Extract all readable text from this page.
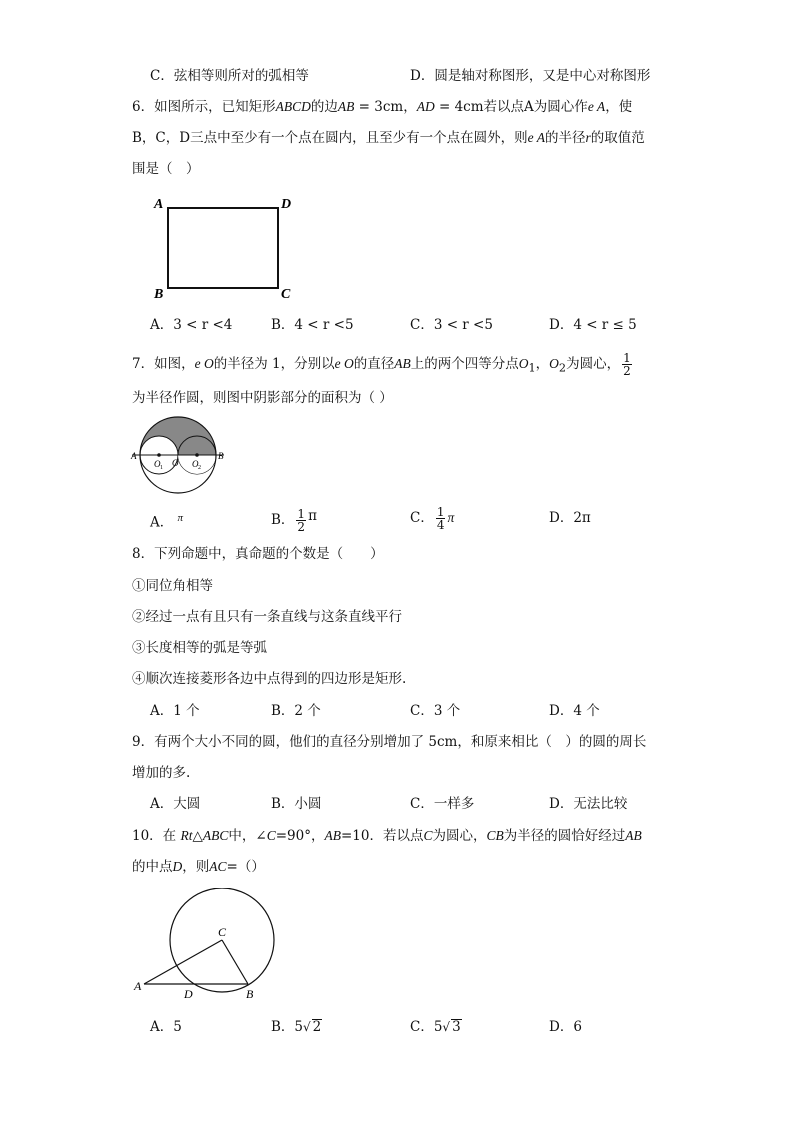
C．弦相等则所对的弧相等	D．圆是轴对称图形，又是中心对称图形
6．如图所示，已知矩形ABCD的边AB = 3cm，AD = 4cm若以点A为圆心作e A，使
B，C，D三点中至少有一个点在圆内，且至少有一个点在圆外，则e A的半径r的取值范
围是（　）
A	D
B	C
A．3 < r <4	B．4 < r <5	C．3 < r <5	D．4 < r ≤ 5
7．如图，e O的半径为 1，分别以e O的直径AB上的两个四等分点$O_1$，$O_2$为圆心， $\frac{1}{2}$
为半径作圆，则图中阴影部分的面积为（ ）
A	B
O 1 O O 2
A． $^\pi$	B． $\frac{1}{2}$ π	C． $\frac{1}{4}$ π	D．2π
8．下列命题中，真命题的个数是（　　）
①同位角相等
②经过一点有且只有一条直线与这条直线平行
③长度相等的弧是等弧
④顺次连接菱形各边中点得到的四边形是矩形.
A．1 个	B．2 个	C．3 个	D．4 个
9．有两个大小不同的圆，他们的直径分别增加了 5cm，和原来相比（　）的圆的周长
增加的多.
A．大圆	B．小圆	C．一样多	D．无法比较
10．在 Rt△ABC中，∠C=90°，AB=10．若以点C为圆心，CB为半径的圆恰好经过AB
的中点D，则AC=（）
A
B
C
D
A．5	B．5√ 2	C．5√ 3	D．6
